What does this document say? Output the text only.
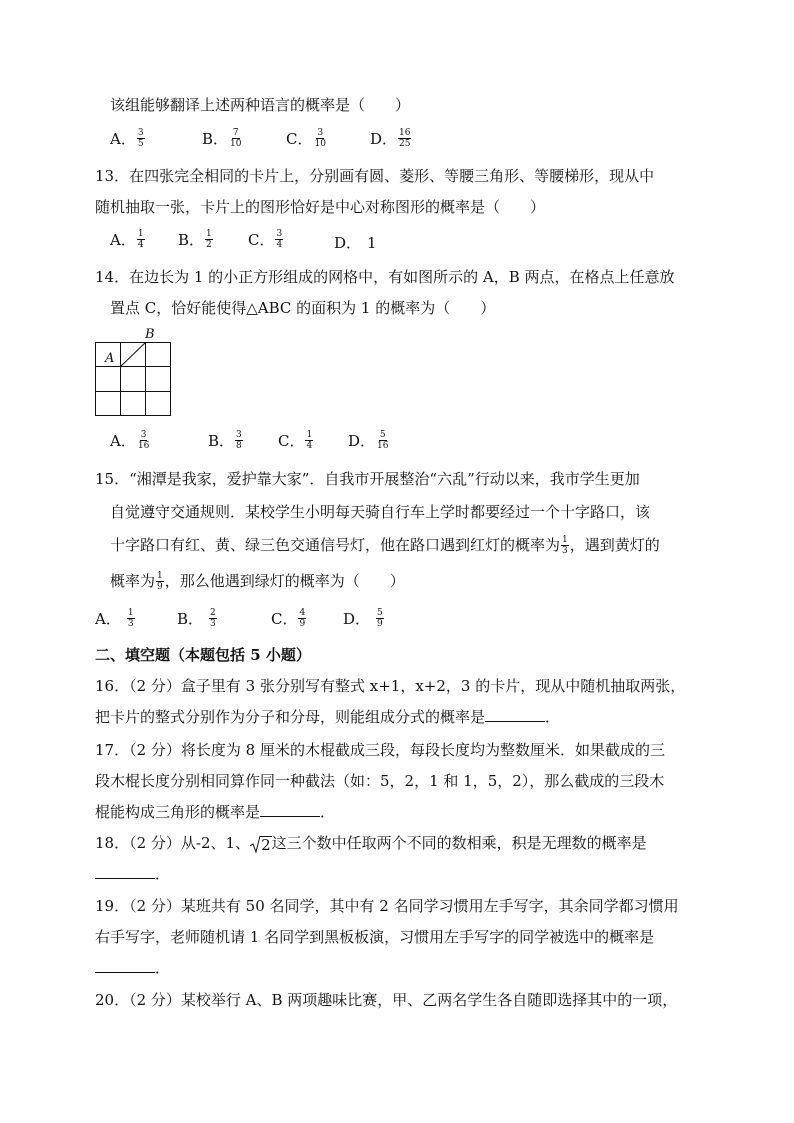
该组能够翻译上述两种语言的概率是（　　）
A． $\frac{3}{5}$	B． $\frac{7}{10}$	C． $\frac{3}{10}$	D． $\frac{16}{25}$
13．在四张完全相同的卡片上，分别画有圆、菱形、等腰三角形、等腰梯形，现从中
随机抽取一张，卡片上的图形恰好是中心对称图形的概率是（　　）
A． $\frac{1}{4}$ B． $\frac{1}{2}$ C． $\frac{3}{4}$	D． 1
14．在边长为 1 的小正方形组成的网格中，有如图所示的 A，B 两点，在格点上任意放
置点 C，恰好能使得△ABC 的面积为 1 的概率为（　　）
A
B
A． $\frac{3}{16}$	B． $\frac{3}{8}$ C． $\frac{1}{4}$ D． $\frac{5}{16}$
15．“湘潭是我家，爱护靠大家”．自我市开展整治“六乱”行动以来，我市学生更加
自觉遵守交通规则．某校学生小明每天骑自行车上学时都要经过一个十字路口，该
十字路口有红、黄、绿三色交通信号灯，他在路口遇到红灯的概率为 $\frac{1}{3}$ ，遇到黄灯的
概率为 $\frac{1}{9}$ ，那么他遇到绿灯的概率为（　　）
A． $\frac{1}{3}$	B． $\frac{2}{3}$	C． $\frac{4}{9}$ D． $\frac{5}{9}$
二、填空题（本题包括 5 小题）
16．（2 分）盒子里有 3 张分别写有整式 x+1，x+2，3 的卡片，现从中随机抽取两张，
把卡片的整式分别作为分子和分母，则能组成分式的概率是	．
17．（2 分）将长度为 8 厘米的木棍截成三段，每段长度均为整数厘米．如果截成的三
段木棍长度分别相同算作同一种截法（如：5，2，1 和 1，5，2），那么截成的三段木
棍能构成三角形的概率是	．
18．（2 分）从-2、1、 2 这三个数中任取两个不同的数相乘，积是无理数的概率是
．
19．（2 分）某班共有 50 名同学，其中有 2 名同学习惯用左手写字，其余同学都习惯用
右手写字，老师随机请 1 名同学到黑板板演，习惯用左手写字的同学被选中的概率是
．
20．（2 分）某校举行 A、B 两项趣味比赛，甲、乙两名学生各自随即选择其中的一项，
